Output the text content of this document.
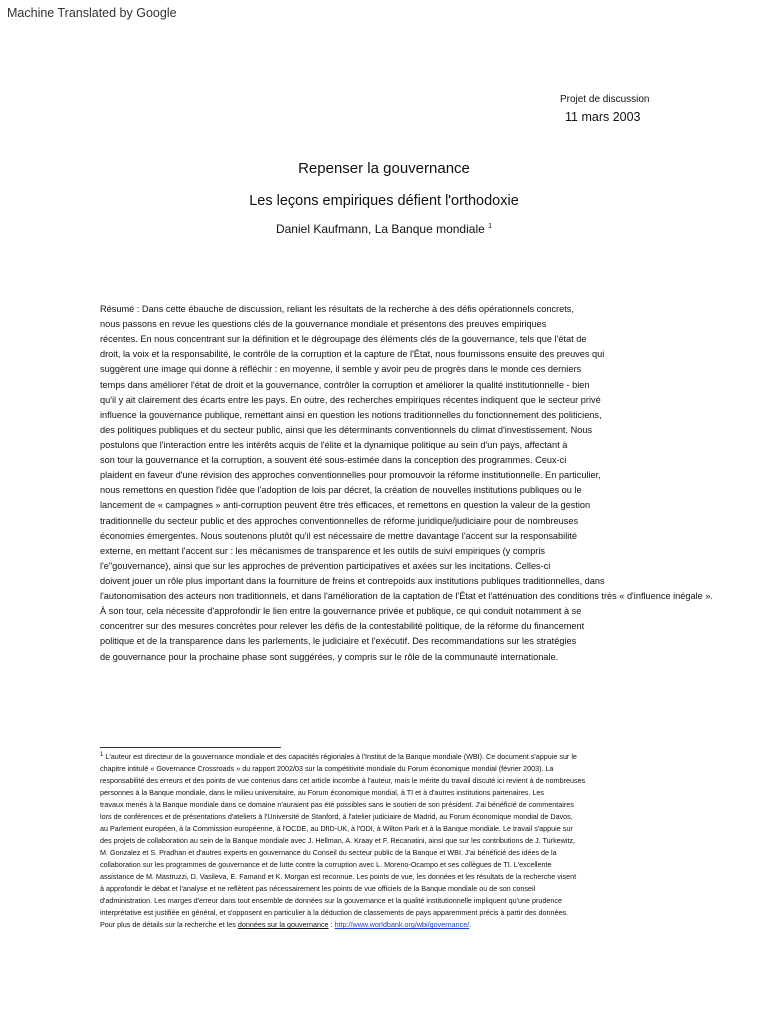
Machine Translated by Google
Projet de discussion
11 mars 2003
Repenser la gouvernance
Les leçons empiriques défient l'orthodoxie
Daniel Kaufmann, La Banque mondiale $^1$
Résumé : Dans cette ébauche de discussion, reliant les résultats de la recherche à des défis opérationnels concrets,
nous passons en revue les questions clés de la gouvernance mondiale et présentons des preuves empiriques
récentes. En nous concentrant sur la définition et le dégroupage des éléments clés de la gouvernance, tels que l'état de
droit, la voix et la responsabilité, le contrôle de la corruption et la capture de l'État, nous fournissons ensuite des preuves qui
suggèrent une image qui donne à réfléchir : en moyenne, il semble y avoir peu de progrès dans le monde ces derniers
temps dans améliorer l'état de droit et la gouvernance, contrôler la corruption et améliorer la qualité institutionnelle - bien
qu'il y ait clairement des écarts entre les pays. En outre, des recherches empiriques récentes indiquent que le secteur privé
influence la gouvernance publique, remettant ainsi en question les notions traditionnelles du fonctionnement des politiciens,
des politiques publiques et du secteur public, ainsi que les déterminants conventionnels du climat d'investissement. Nous
postulons que l'interaction entre les intérêts acquis de l'élite et la dynamique politique au sein d'un pays, affectant à
son tour la gouvernance et la corruption, a souvent été sous-estimée dans la conception des programmes. Ceux-ci
plaident en faveur d'une révision des approches conventionnelles pour promouvoir la réforme institutionnelle. En particulier,
nous remettons en question l'idée que l'adoption de lois par décret, la création de nouvelles institutions publiques ou le
lancement de « campagnes » anti-corruption peuvent être très efficaces, et remettons en question la valeur de la gestion
traditionnelle du secteur public et des approches conventionnelles de réforme juridique/judiciaire pour de nombreuses
économies émergentes. Nous soutenons plutôt qu'il est nécessaire de mettre davantage l'accent sur la responsabilité
externe, en mettant l'accent sur : les mécanismes de transparence et les outils de suivi empiriques (y compris
l'e"gouvernance), ainsi que sur les approches de prévention participatives et axées sur les incitations. Celles-ci
doivent jouer un rôle plus important dans la fourniture de freins et contrepoids aux institutions publiques traditionnelles, dans
l'autonomisation des acteurs non traditionnels, et dans l'amélioration de la captation de l'État et l'atténuation des conditions très « d'influence inégale ».
À son tour, cela nécessite d'approfondir le lien entre la gouvernance privée et publique, ce qui conduit notamment à se
concentrer sur des mesures concrètes pour relever les défis de la contestabilité politique, de la réforme du financement
politique et de la transparence dans les parlements, le judiciaire et l'exécutif. Des recommandations sur les stratégies
de gouvernance pour la prochaine phase sont suggérées, y compris sur le rôle de la communauté internationale.
$^1$ L'auteur est directeur de la gouvernance mondiale et des capacités régionales à l'Institut de la Banque mondiale (WBI). Ce document s'appuie sur le
chapitre intitulé « Governance Crossroads » du rapport 2002/03 sur la compétitivité mondiale du Forum économique mondial (février 2003). La
responsabilité des erreurs et des points de vue contenus dans cet article incombe à l'auteur, mais le mérite du travail discuté ici revient à de nombreuses
personnes à la Banque mondiale, dans le milieu universitaire, au Forum économique mondial, à TI et à d'autres institutions partenaires. Les
travaux menés à la Banque mondiale dans ce domaine n'auraient pas été possibles sans le soutien de son président. J'ai bénéficié de commentaires
lors de conférences et de présentations d'ateliers à l'Université de Stanford, à l'atelier judiciaire de Madrid, au Forum économique mondial de Davos,
au Parlement européen, à la Commission européenne, à l'OCDE, au DfID-UK, à l'ODI, à Wilton Park et à la Banque mondiale. Le travail s'appuie sur
des projets de collaboration au sein de la Banque mondiale avec J. Hellman, A. Kraay et F. Recanatini, ainsi que sur les contributions de J. Turkewitz,
M. Gonzalez et S. Pradhan et d'autres experts en gouvernance du Conseil du secteur public de la Banque et WBI. J'ai bénéficié des idées de la
collaboration sur les programmes de gouvernance et de lutte contre la corruption avec L. Moreno-Ocampo et ses collègues de TI. L'excellente
assistance de M. Mastruzzi, D. Vasileva, E. Famand et K. Morgan est reconnue. Les points de vue, les données et les résultats de la recherche visent
à approfondir le débat et l'analyse et ne reflètent pas nécessairement les points de vue officiels de la Banque mondiale ou de son conseil
d'administration. Les marges d'erreur dans tout ensemble de données sur la gouvernance et la qualité institutionnelle impliquent qu'une prudence
interprétative est justifiée en général, et s'opposent en particulier à la déduction de classements de pays apparemment précis à partir des données.
Pour plus de détails sur la recherche et les données sur la gouvernance : http://www.worldbank.org/wbi/governance/.
